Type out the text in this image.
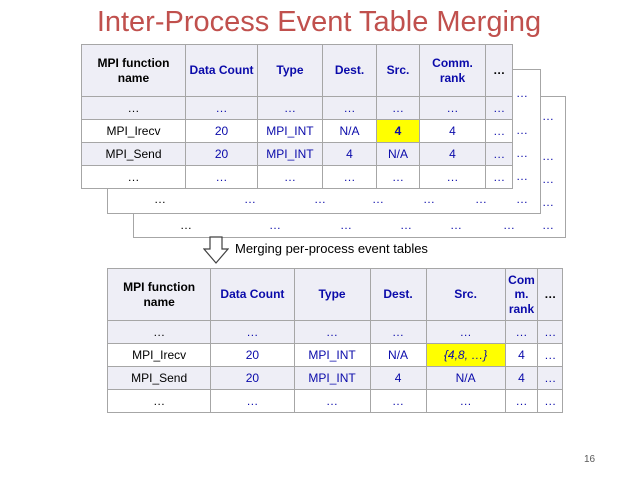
Inter-Process Event Table Merging
…
…
…
…
…	…	…	…	…	… …
…
…
…
…
…	…	…	…	…	… …
MPI function name	Data Count	Type	Dest.	Src.	Comm. rank	…
…	…	…	…	…	…	…
MPI_Irecv	20	MPI_INT	N/A	4	4	…
MPI_Send	20	MPI_INT	4	N/A	4	…
…	…	…	…	…	…	…
Merging per-process event tables
MPI function name	Data Count	Type	Dest.	Src.	Com m. rank	…
…	…	…	…	…	…	…
MPI_Irecv	20	MPI_INT	N/A	{4,8, …}	4	…
MPI_Send	20	MPI_INT	4	N/A	4	…
…	…	…	…	…	…	…
16
